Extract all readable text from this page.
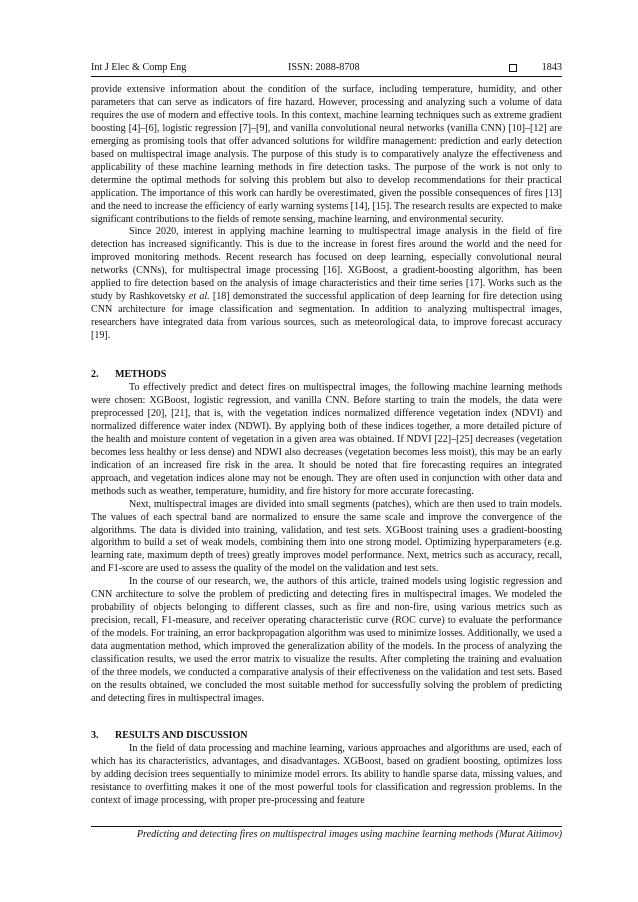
Int J Elec & Comp Eng	ISSN: 2088-8708	1843

provide extensive information about the condition of the surface, including temperature, humidity, and other parameters that can serve as indicators of fire hazard. However, processing and analyzing such a volume of data requires the use of modern and effective tools. In this context, machine learning techniques such as extreme gradient boosting [4]–[6], logistic regression [7]–[9], and vanilla convolutional neural networks (vanilla CNN) [10]–[12] are emerging as promising tools that offer advanced solutions for wildfire management: prediction and early detection based on multispectral image analysis. The purpose of this study is to comparatively analyze the effectiveness and applicability of these machine learning methods in fire detection tasks. The purpose of the work is not only to determine the optimal methods for solving this problem but also to develop recommendations for their practical application. The importance of this work can hardly be overestimated, given the possible consequences of fires [13] and the need to increase the efficiency of early warning systems [14], [15]. The research results are expected to make significant contributions to the fields of remote sensing, machine learning, and environmental security.

Since 2020, interest in applying machine learning to multispectral image analysis in the field of fire detection has increased significantly. This is due to the increase in forest fires around the world and the need for improved monitoring methods. Recent research has focused on deep learning, especially convolutional neural networks (CNNs), for multispectral image processing [16]. XGBoost, a gradient-boosting algorithm, has been applied to fire detection based on the analysis of image characteristics and their time series [17]. Works such as the study by Rashkovetsky et al. [18] demonstrated the successful application of deep learning for fire detection using CNN architecture for image classification and segmentation. In addition to analyzing multispectral images, researchers have integrated data from various sources, such as meteorological data, to improve forecast accuracy [19].

2. METHODS

To effectively predict and detect fires on multispectral images, the following machine learning methods were chosen: XGBoost, logistic regression, and vanilla CNN. Before starting to train the models, the data were preprocessed [20], [21], that is, with the vegetation indices normalized difference vegetation index (NDVI) and normalized difference water index (NDWI). By applying both of these indices together, a more detailed picture of the health and moisture content of vegetation in a given area was obtained. If NDVI [22]–[25] decreases (vegetation becomes less healthy or less dense) and NDWI also decreases (vegetation becomes less moist), this may be an early indication of an increased fire risk in the area. It should be noted that fire forecasting requires an integrated approach, and vegetation indices alone may not be enough. They are often used in conjunction with other data and methods such as weather, temperature, humidity, and fire history for more accurate forecasting.

Next, multispectral images are divided into small segments (patches), which are then used to train models. The values of each spectral band are normalized to ensure the same scale and improve the convergence of the algorithms. The data is divided into training, validation, and test sets. XGBoost training uses a gradient-boosting algorithm to build a set of weak models, combining them into one strong model. Optimizing hyperparameters (e.g. learning rate, maximum depth of trees) greatly improves model performance. Next, metrics such as accuracy, recall, and F1-score are used to assess the quality of the model on the validation and test sets.

In the course of our research, we, the authors of this article, trained models using logistic regression and CNN architecture to solve the problem of predicting and detecting fires in multispectral images. We modeled the probability of objects belonging to different classes, such as fire and non-fire, using various metrics such as precision, recall, F1-measure, and receiver operating characteristic curve (ROC curve) to evaluate the performance of the models. For training, an error backpropagation algorithm was used to minimize losses. Additionally, we used a data augmentation method, which improved the generalization ability of the models. In the process of analyzing the classification results, we used the error matrix to visualize the results. After completing the training and evaluation of the three models, we conducted a comparative analysis of their effectiveness on the validation and test sets. Based on the results obtained, we concluded the most suitable method for successfully solving the problem of predicting and detecting fires in multispectral images.

3. RESULTS AND DISCUSSION

In the field of data processing and machine learning, various approaches and algorithms are used, each of which has its characteristics, advantages, and disadvantages. XGBoost, based on gradient boosting, optimizes loss by adding decision trees sequentially to minimize model errors. Its ability to handle sparse data, missing values, and resistance to overfitting makes it one of the most powerful tools for classification and regression problems. In the context of image processing, with proper pre-processing and feature

Predicting and detecting fires on multispectral images using machine learning methods (Murat Aitimov)
